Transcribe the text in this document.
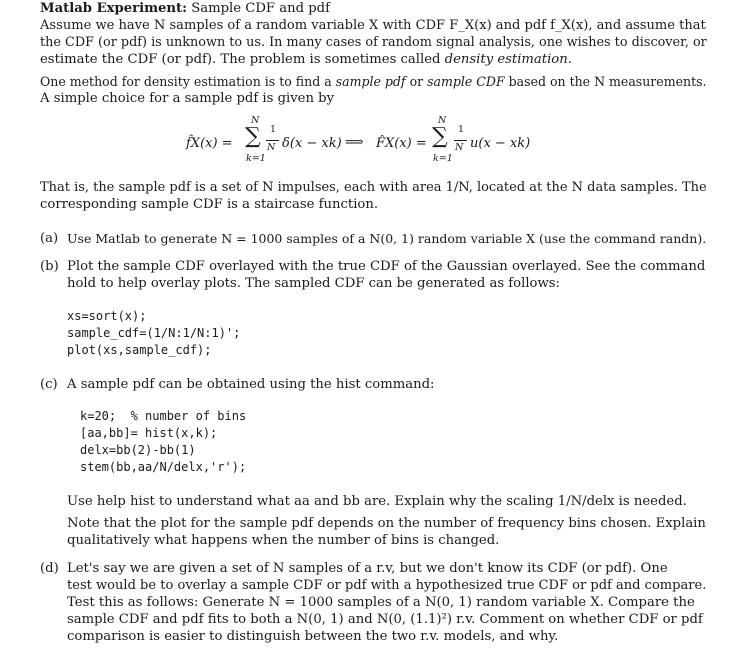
Matlab Experiment: Sample CDF and pdf
Assume we have N samples of a random variable X with CDF F_X(x) and pdf f_X(x), and assume that
the CDF (or pdf) is unknown to us. In many cases of random signal analysis, one wishes to discover, or
estimate the CDF (or pdf). The problem is sometimes called density estimation.
One method for density estimation is to find a sample pdf or sample CDF based on the N measurements.
A simple choice for a sample pdf is given by
f̂X(x) = ∑
N
k=1
1
N δ(x − xk) ⟹ F̂X(x) = ∑
N
k=1
1
N u(x − xk)
That is, the sample pdf is a set of N impulses, each with area 1/N, located at the N data samples. The
corresponding sample CDF is a staircase function.
(a) Use Matlab to generate N = 1000 samples of a N(0, 1) random variable X (use the command randn).
(b) Plot the sample CDF overlayed with the true CDF of the Gaussian overlayed. See the command
hold to help overlay plots. The sampled CDF can be generated as follows:
xs=sort(x);
sample_cdf=(1/N:1/N:1)';
plot(xs,sample_cdf);
(c) A sample pdf can be obtained using the hist command:
k=20;  % number of bins
[aa,bb]= hist(x,k);
delx=bb(2)-bb(1)
stem(bb,aa/N/delx,'r');
Use help hist to understand what aa and bb are. Explain why the scaling 1/N/delx is needed.
Note that the plot for the sample pdf depends on the number of frequency bins chosen. Explain
qualitatively what happens when the number of bins is changed.
(d) Let's say we are given a set of N samples of a r.v, but we don't know its CDF (or pdf). One
test would be to overlay a sample CDF or pdf with a hypothesized true CDF or pdf and compare.
Test this as follows: Generate N = 1000 samples of a N(0, 1) random variable X. Compare the
sample CDF and pdf fits to both a N(0, 1) and N(0, (1.1)²) r.v. Comment on whether CDF or pdf
comparison is easier to distinguish between the two r.v. models, and why.
